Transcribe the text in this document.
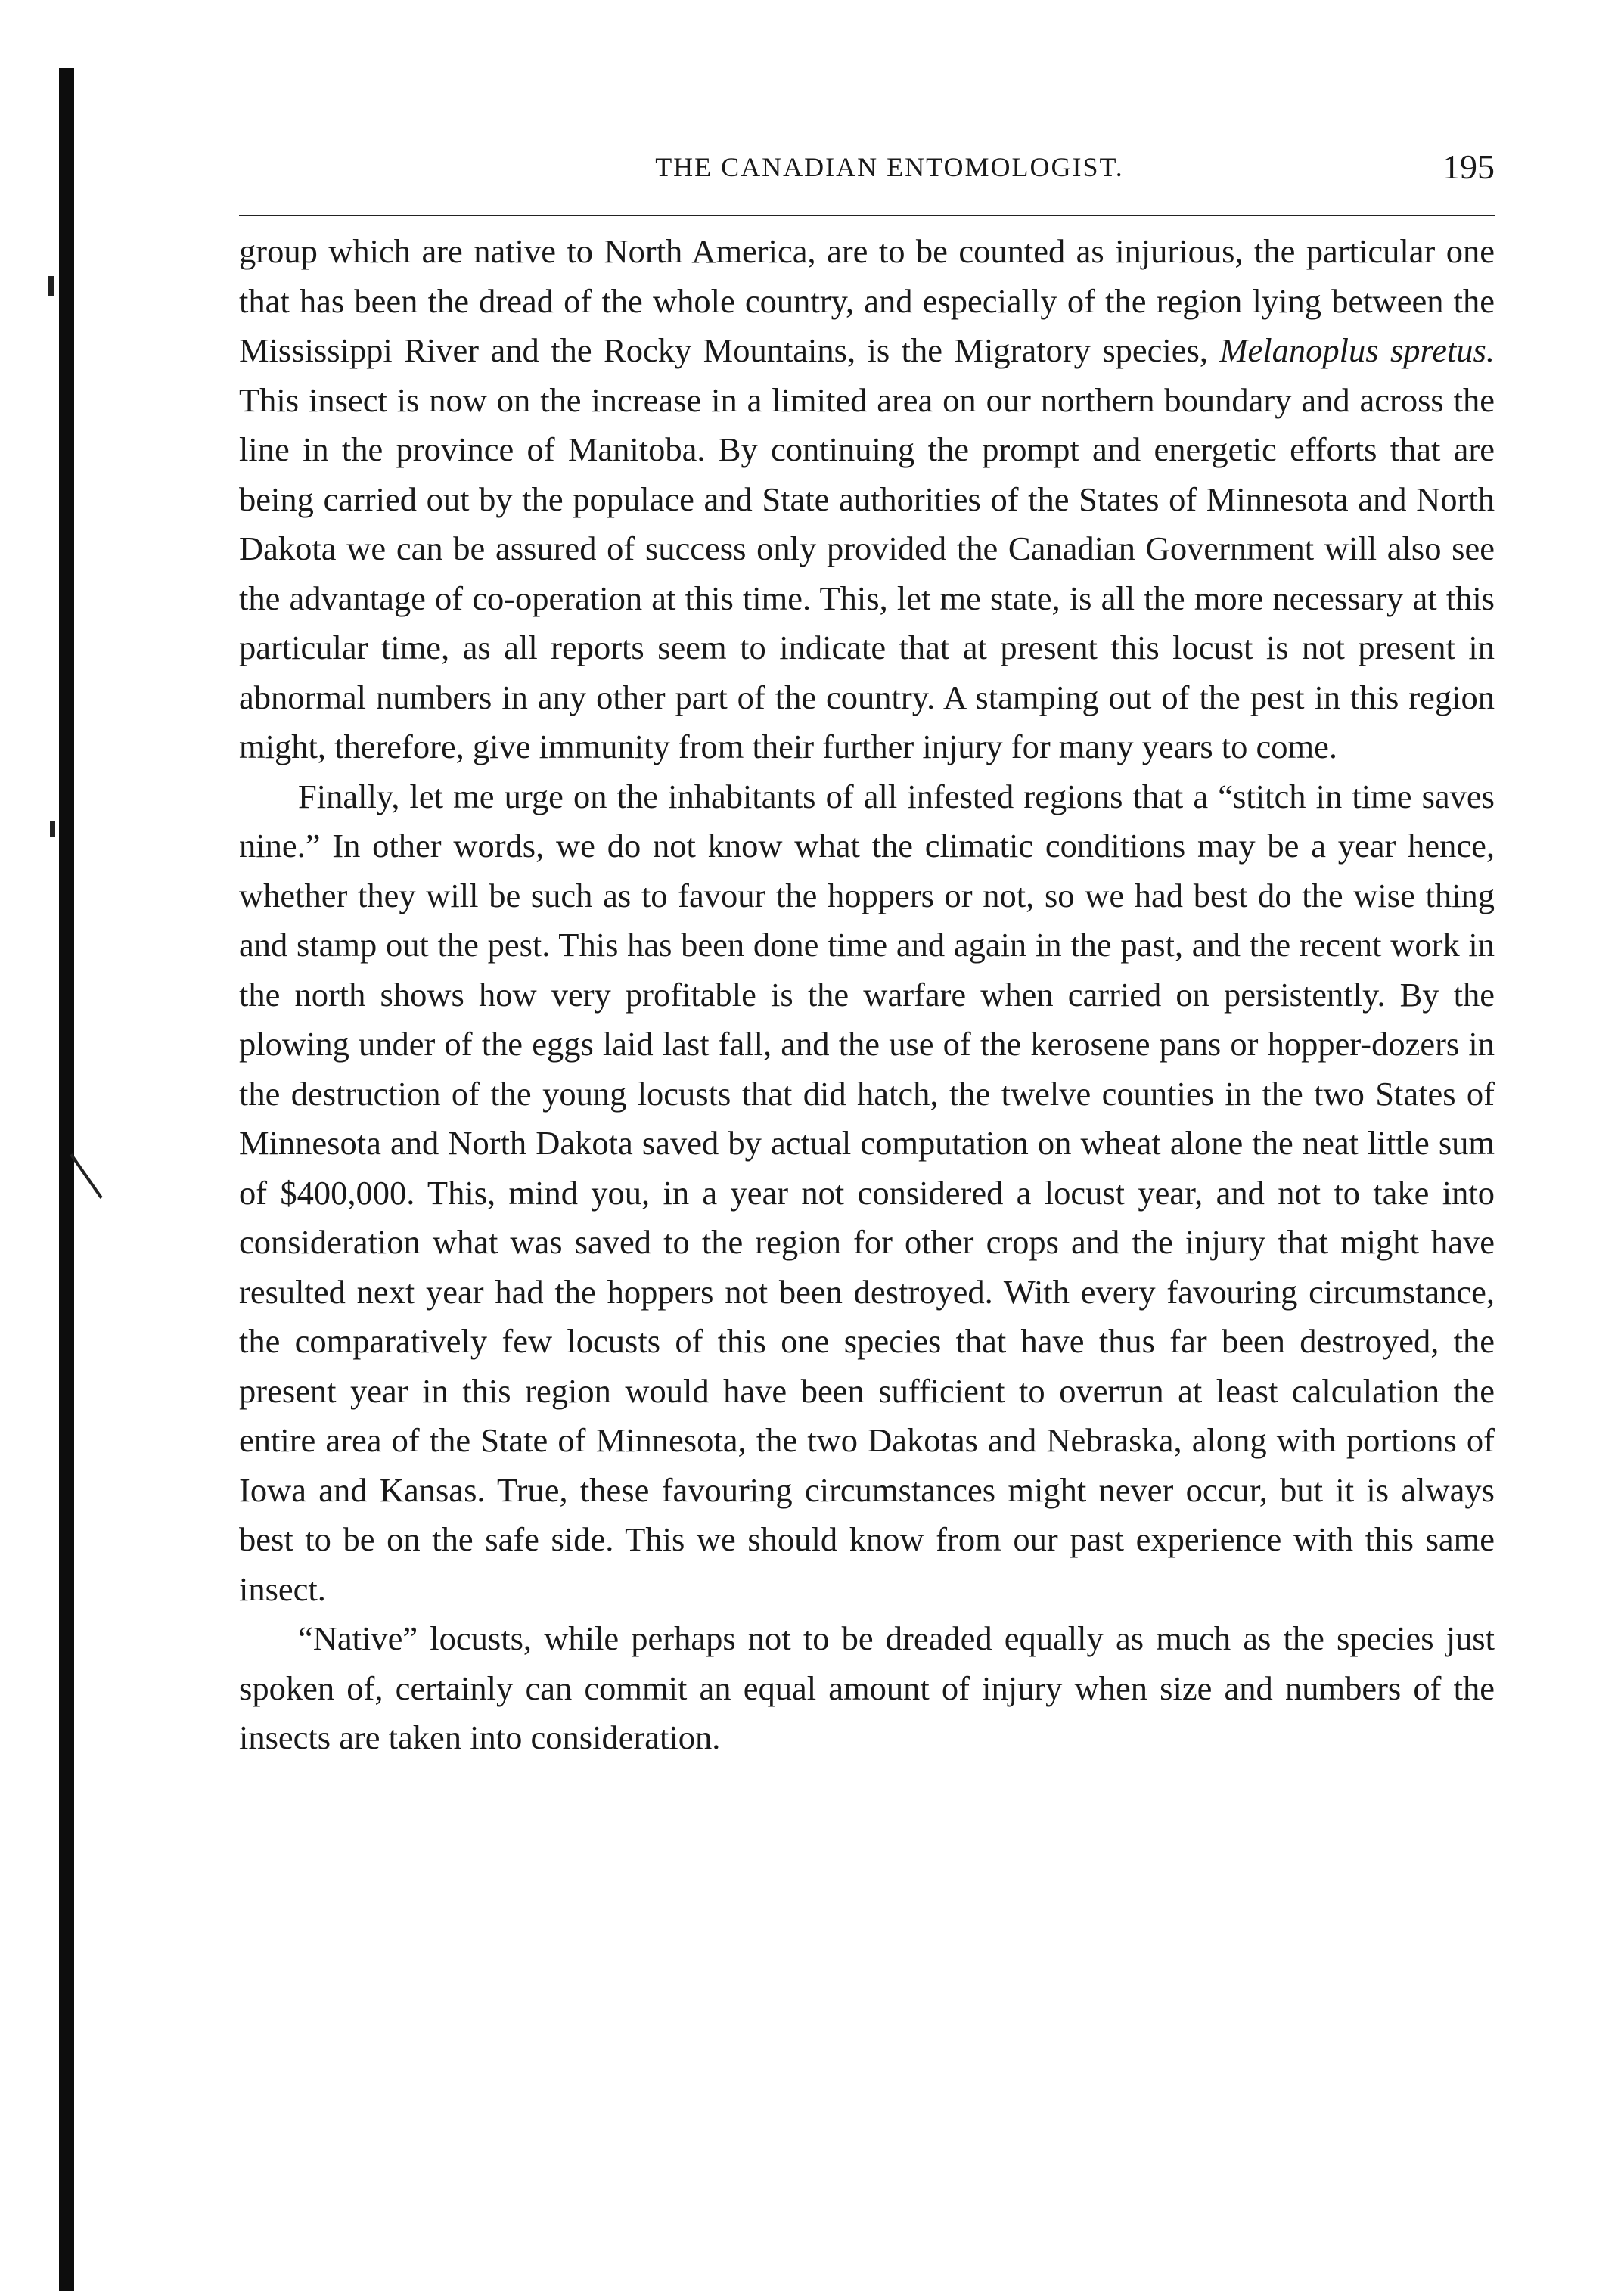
THE CANADIAN ENTOMOLOGIST.	195

group which are native to North America, are to be counted as injurious, the particular one that has been the dread of the whole country, and especially of the region lying between the Mississippi River and the Rocky Mountains, is the Migratory species, Melanoplus spretus. This insect is now on the increase in a limited area on our northern boundary and across the line in the province of Manitoba. By continuing the prompt and energetic efforts that are being carried out by the populace and State authorities of the States of Minnesota and North Dakota we can be assured of success only provided the Canadian Government will also see the advantage of co-operation at this time. This, let me state, is all the more necessary at this particular time, as all reports seem to indicate that at present this locust is not present in abnormal numbers in any other part of the country. A stamping out of the pest in this region might, therefore, give immunity from their further injury for many years to come.

Finally, let me urge on the inhabitants of all infested regions that a “stitch in time saves nine.” In other words, we do not know what the climatic conditions may be a year hence, whether they will be such as to favour the hoppers or not, so we had best do the wise thing and stamp out the pest. This has been done time and again in the past, and the recent work in the north shows how very profitable is the warfare when carried on persistently. By the plowing under of the eggs laid last fall, and the use of the kerosene pans or hopper-dozers in the destruction of the young locusts that did hatch, the twelve counties in the two States of Minnesota and North Dakota saved by actual computation on wheat alone the neat little sum of $400,000. This, mind you, in a year not considered a locust year, and not to take into consideration what was saved to the region for other crops and the injury that might have resulted next year had the hoppers not been destroyed. With every favouring circumstance, the comparatively few locusts of this one species that have thus far been destroyed, the present year in this region would have been sufficient to overrun at least calculation the entire area of the State of Minnesota, the two Dakotas and Nebraska, along with portions of Iowa and Kansas. True, these favouring circumstances might never occur, but it is always best to be on the safe side. This we should know from our past experience with this same insect.

“Native” locusts, while perhaps not to be dreaded equally as much as the species just spoken of, certainly can commit an equal amount of injury when size and numbers of the insects are taken into consideration.
